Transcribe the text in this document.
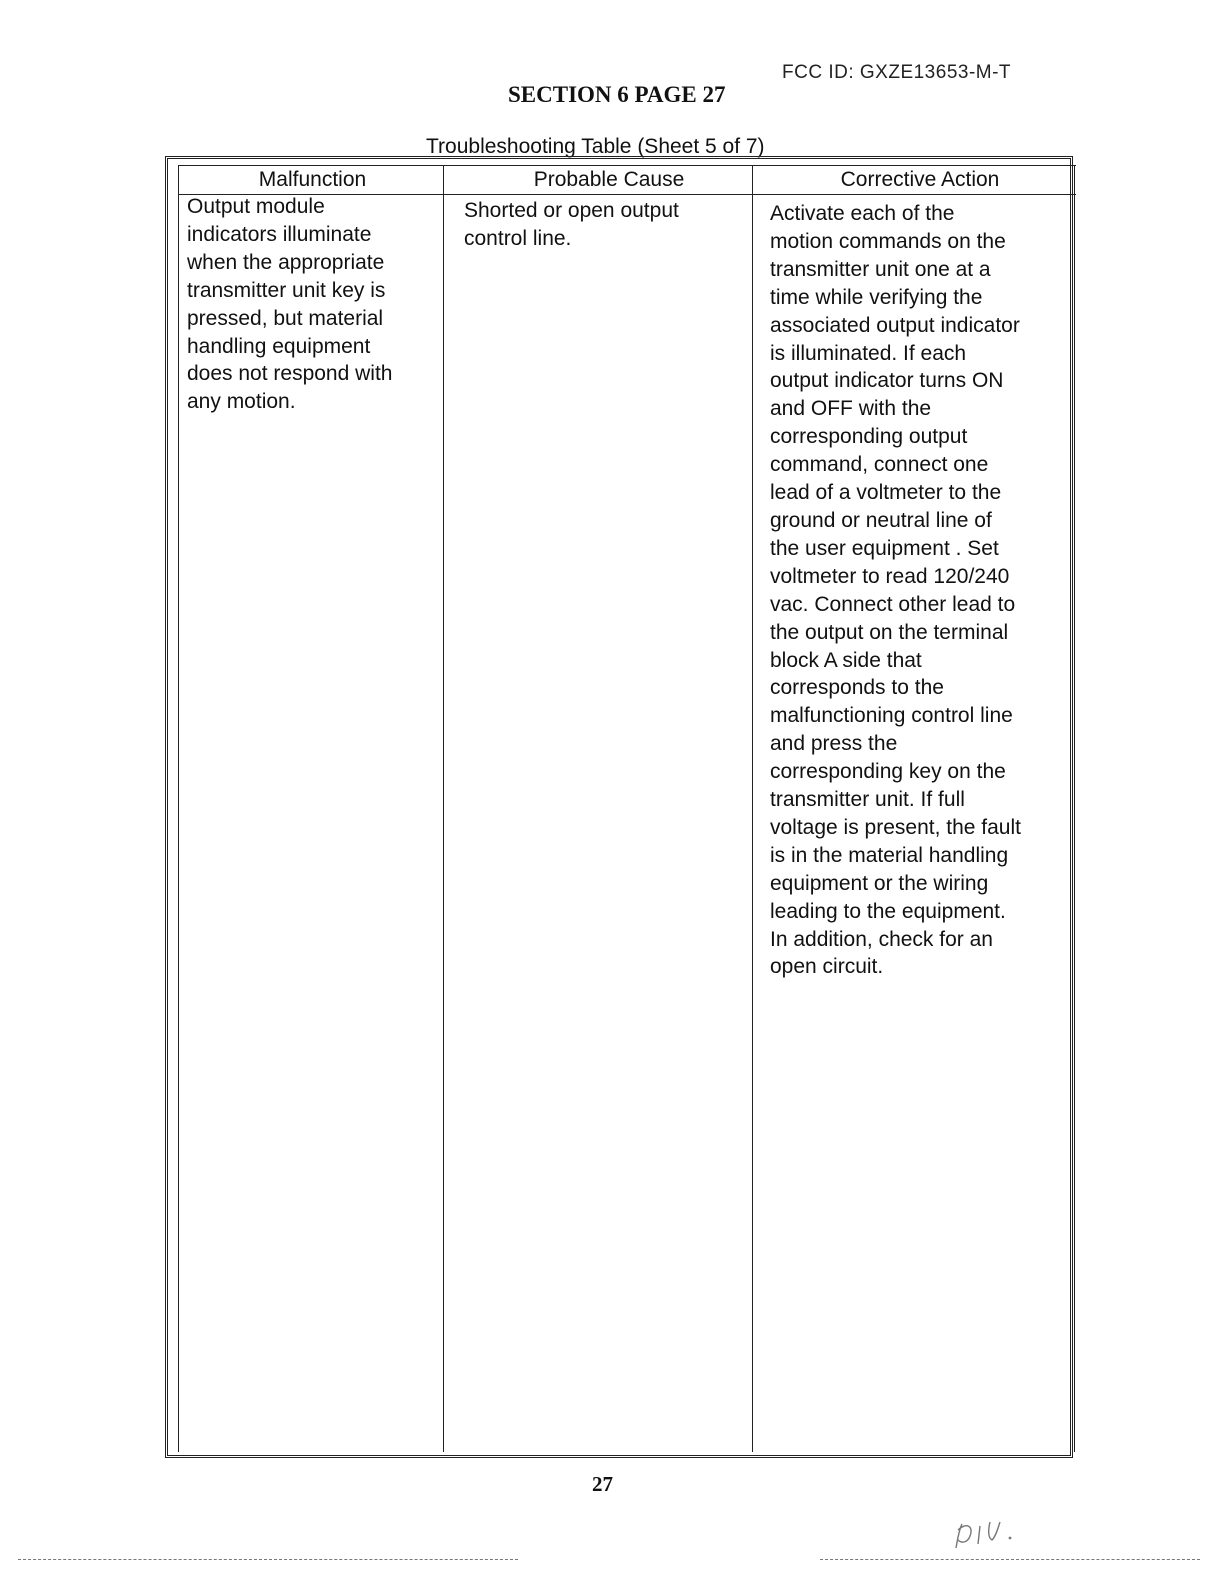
FCC ID: GXZE13653-M-T
SECTION 6 PAGE 27
Troubleshooting Table (Sheet 5 of 7)
Malfunction	Probable Cause	Corrective Action
Output module
indicators illuminate
when the appropriate
transmitter unit key is
pressed, but material
handling equipment
does not respond with
any motion.
Shorted or open output
control line.
Activate each of the
motion commands on the
transmitter unit one at a
time while verifying the
associated output indicator
is illuminated. If each
output indicator turns ON
and OFF with the
corresponding output
command, connect one
lead of a voltmeter to the
ground or neutral line of
the user equipment . Set
voltmeter to read 120/240
vac. Connect other lead to
the output on the terminal
block A side that
corresponds to the
malfunctioning control line
and press the
corresponding key on the
transmitter unit. If full
voltage is present, the fault
is in the material handling
equipment or the wiring
leading to the equipment.
In addition, check for an
open circuit.
27
